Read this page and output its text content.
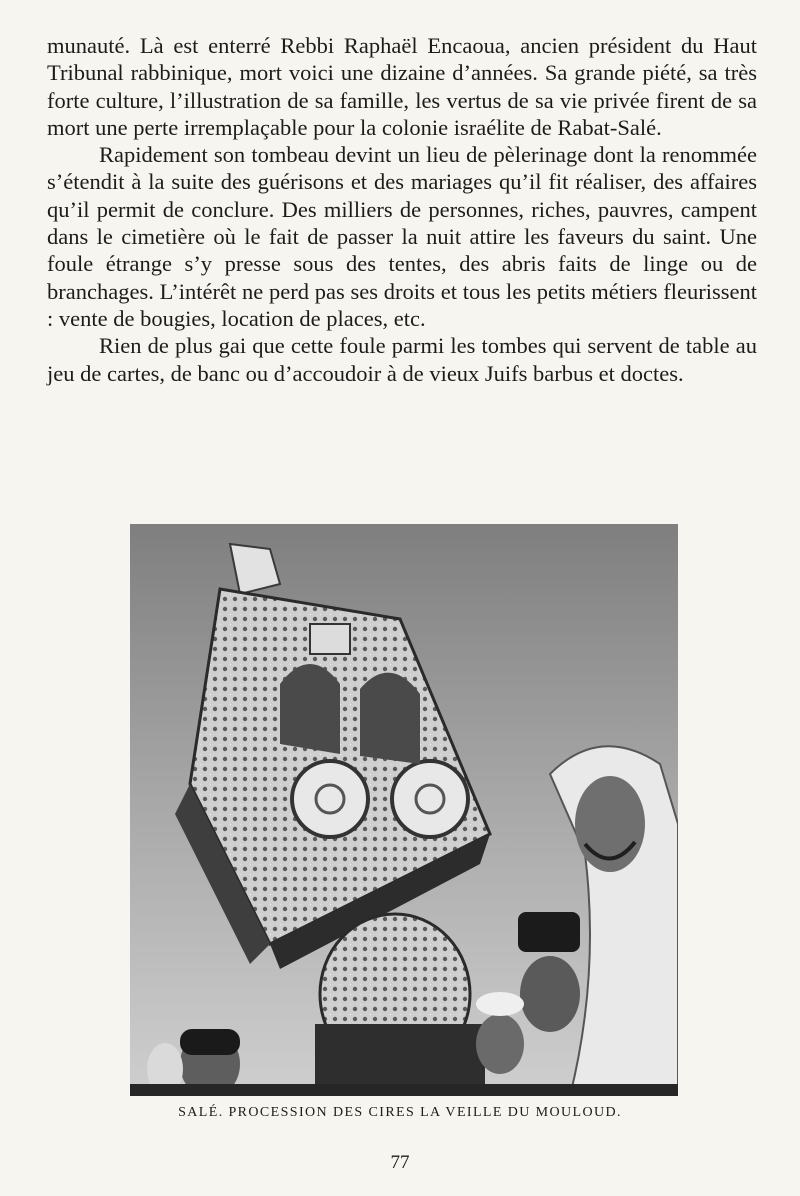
munauté. Là est enterré Rebbi Raphaël Encaoua, ancien président du Haut Tribunal rabbinique, mort voici une dizaine d’années. Sa grande piété, sa très forte culture, l’illustration de sa famille, les vertus de sa vie privée firent de sa mort une perte irremplaçable pour la colonie israélite de Rabat-Salé.

Rapidement son tombeau devint un lieu de pèlerinage dont la renommée s’étendit à la suite des guérisons et des mariages qu’il fit réaliser, des affaires qu’il permit de conclure. Des milliers de personnes, riches, pauvres, campent dans le cimetière où le fait de passer la nuit attire les faveurs du saint. Une foule étrange s’y presse sous des tentes, des abris faits de linge ou de branchages. L’intérêt ne perd pas ses droits et tous les petits métiers fleurissent : vente de bougies, location de places, etc.

Rien de plus gai que cette foule parmi les tombes qui servent de table au jeu de cartes, de banc ou d’accoudoir à de vieux Juifs barbus et doctes.

SALÉ. PROCESSION DES CIRES LA VEILLE DU MOULOUD.
77
